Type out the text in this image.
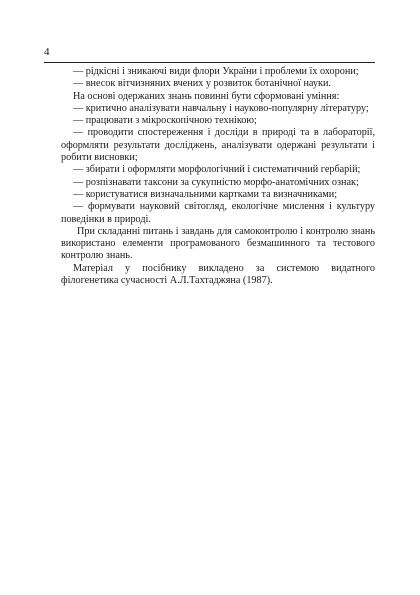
4

— рідкісні і зникаючі види флори України і проблеми їх охорони;

— внесок вітчизняних вчених у розвиток ботанічної науки.

На основі одержаних знань повинні бути сформовані уміння:

— критично аналізувати навчальну і науково-популярну літературу;

— працювати з мікроскопічною технікою;

— проводити спостереження і досліди в природі та в лабораторії, оформляти результати досліджень, аналізувати одержані результати і робити висновки;

— збирати і оформляти морфологічний і систематичний гербарій;

— розпізнавати таксони за сукупністю морфо-анатомічних ознак;

— користуватися визначальними картками та визначниками;

— формувати науковий світогляд, екологічне мислення і культуру поведінки в природі.

При складанні питань і завдань для самоконтролю і контролю знань використано елементи програмованого безмашинного та тестового контролю знань.

Матеріал у посібнику викладено за системою видатного філогенетика сучасності А.Л.Тахтаджяна (1987).
